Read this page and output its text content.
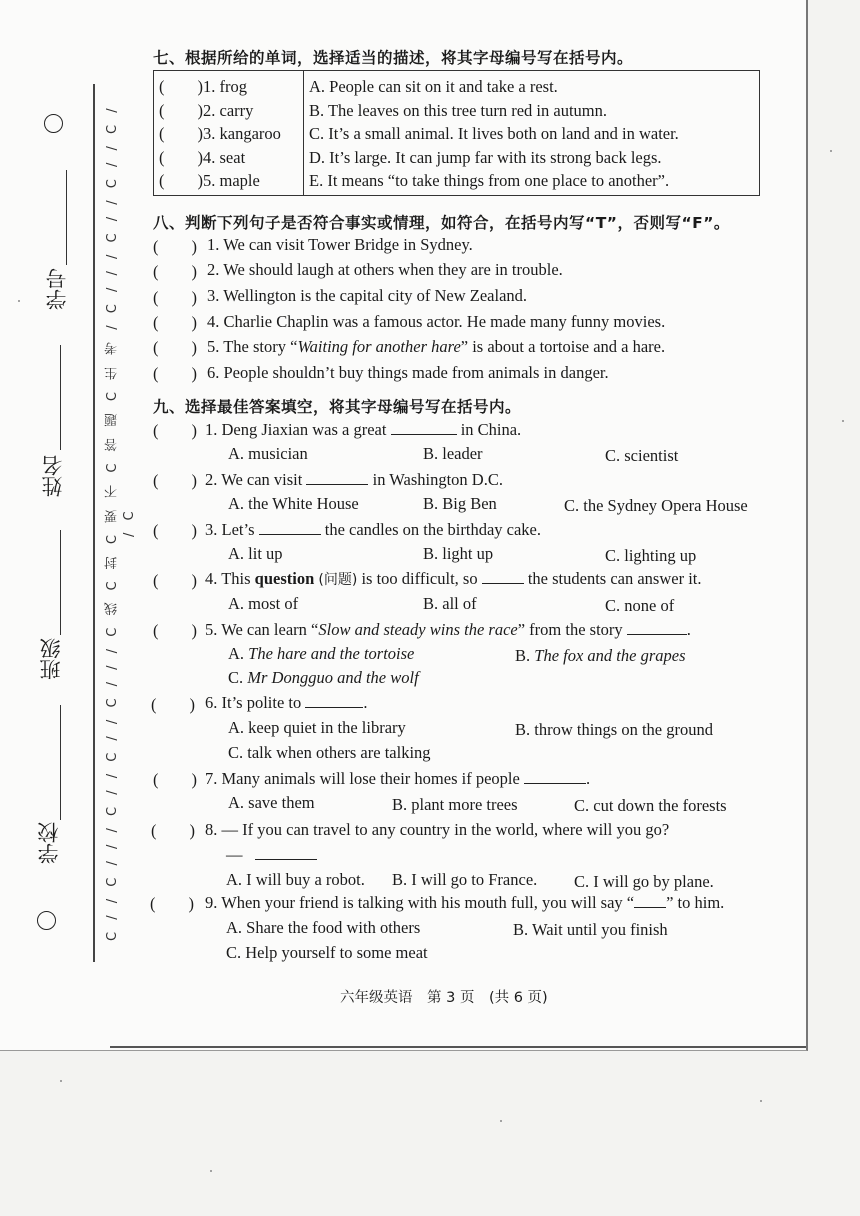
学号
姓名
班级
学校	C / / C / / / C / / C / / C / / / C 线 C 封 C 要 不 C 答 题 C 生 考 / C / / / C / / C / / C / / C
七、根据所给的单词，选择适当的描述，将其字母编号写在括号内。
(　　)1. frog
(　　)2. carry
(　　)3. kangaroo
(　　)4. seat
(　　)5. maple

A. People can sit on it and take a rest.
B. The leaves on this tree turn red in autumn.
C. It’s a small animal. It lives both on land and in water.
D. It’s large. It can jump far with its strong back legs.
E. It means “to take things from one place to another”.
八、判断下列句子是否符合事实或情理，如符合，在括号内写“T”，否则写“F”。
(　　) 1. We can visit Tower Bridge in Sydney.
(　　) 2. We should laugh at others when they are in trouble.
(　　) 3. Wellington is the capital city of New Zealand.
(　　) 4. Charlie Chaplin was a famous actor. He made many funny movies.
(　　) 5. The story “Waiting for another hare” is about a tortoise and a hare.
(　　) 6. People shouldn’t buy things made from animals in danger.
九、选择最佳答案填空，将其字母编号写在括号内。
(　　) 1. Deng Jiaxian was a great	in China.
A. musician	B. leader	C. scientist
(　　) 2. We can visit	in Washington D.C.
A. the White House	B. Big Ben	C. the Sydney Opera House
(　　) 3. Let’s	the candles on the birthday cake.
A. lit up	B. light up	C. lighting up
(　　) 4. This question (问题) is too difficult, so	the students can answer it.
A. most of	B. all of	C. none of
(　　) 5. We can learn “Slow and steady wins the race” from the story	.
A. The hare and the tortoise	B. The fox and the grapes
C. Mr Dongguo and the wolf
(　　) 6. It’s polite to	.
A. keep quiet in the library	B. throw things on the ground
C. talk when others are talking
(　　) 7. Many animals will lose their homes if people	.
A. save them	B. plant more trees	C. cut down the forests
(　　) 8. — If you can travel to any country in the world, where will you go?
—
A. I will buy a robot. B. I will go to France. C. I will go by plane.
(　　) 9. When your friend is talking with his mouth full, you will say “ ” to him.
A. Share the food with others	B. Wait until you finish
C. Help yourself to some meat
六年级英语　第 3 页　(共 6 页)
